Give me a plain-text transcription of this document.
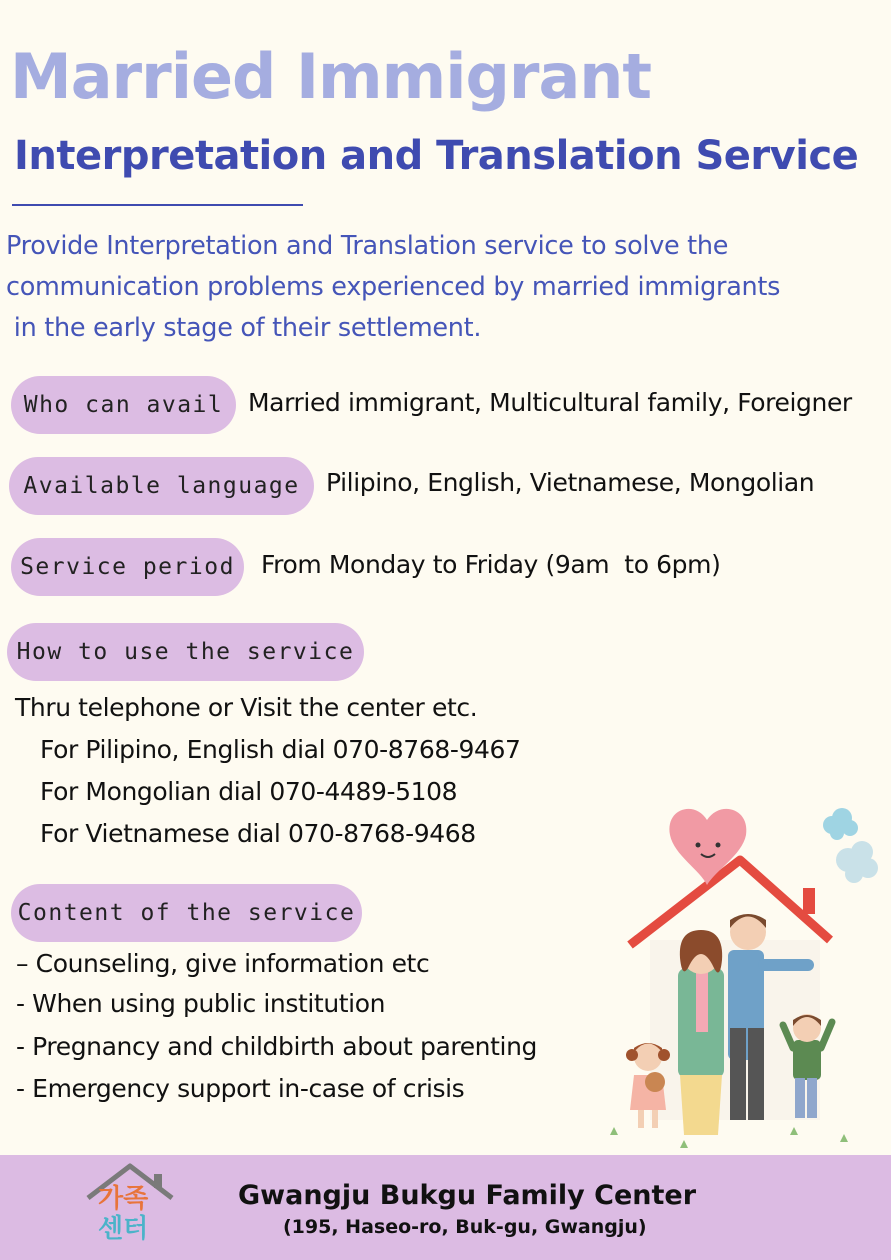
Married Immigrant
Interpretation and Translation Service
Provide Interpretation and Translation service to solve the
communication problems experienced by married immigrants
in the early stage of their settlement.
Who can avail Married immigrant, Multicultural family, Foreigner
Available language	Pilipino, English, Vietnamese, Mongolian
Service period	From Monday to Friday (9am  to 6pm)
How to use the service
Thru telephone or Visit the center etc.
For Pilipino, English dial 070-8768-9467
For Mongolian dial 070-4489-5108
For Vietnamese dial 070-8768-9468
Content of the service
– Counseling, give information etc
- When using public institution
- Pregnancy and childbirth about parenting
- Emergency support in-case of crisis
가족
센터
Gwangju Bukgu Family Center
(195, Haseo-ro, Buk-gu, Gwangju)
